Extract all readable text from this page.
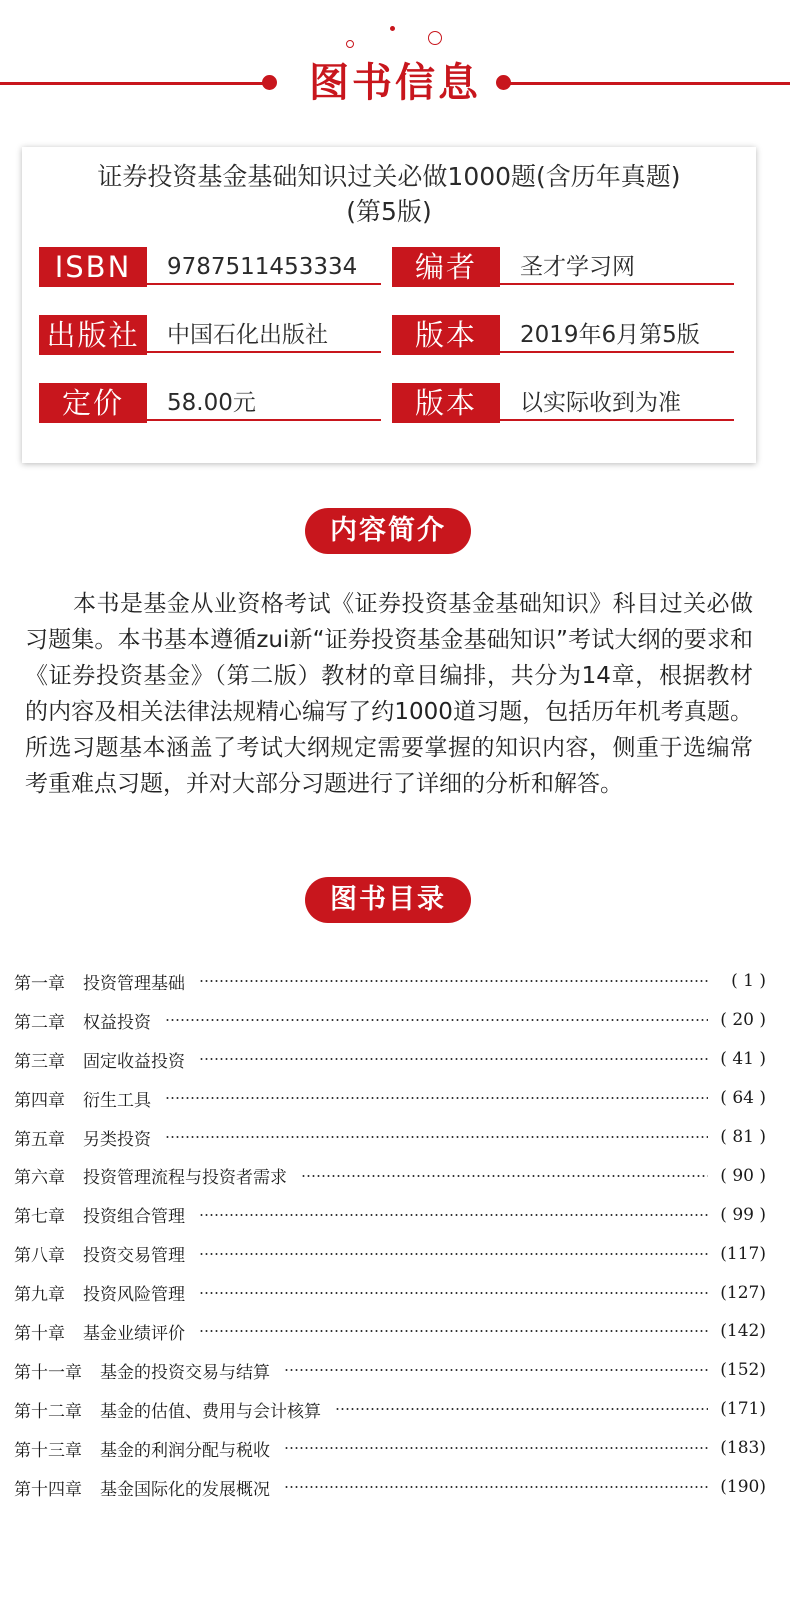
图书信息
证券投资基金基础知识过关必做1000题(含历年真题)
(第5版)
ISBN	9787511453334	编者	圣才学习网
出版社	中国石化出版社	版本	2019年6月第5版
定价	58.00元	版本	以实际收到为准
内容简介

本书是基金从业资格考试《证券投资基金基础知识》科目过关必做习题集。本书基本遵循zui新“证券投资基金基础知识”考试大纲的要求和《证券投资基金》（第二版）教材的章目编排，共分为14章，根据教材的内容及相关法律法规精心编写了约1000道习题，包括历年机考真题。所选习题基本涵盖了考试大纲规定需要掌握的知识内容，侧重于选编常考重难点习题，并对大部分习题进行了详细的分析和解答。

图书目录
第一章 投资管理基础	( 1 )
第二章 权益投资	( 20 )
第三章 固定收益投资	( 41 )
第四章 衍生工具	( 64 )
第五章 另类投资	( 81 )
第六章 投资管理流程与投资者需求	( 90 )
第七章 投资组合管理	( 99 )
第八章 投资交易管理	(117)
第九章 投资风险管理	(127)
第十章 基金业绩评价	(142)
第十一章 基金的投资交易与结算	(152)
第十二章 基金的估值、费用与会计核算	(171)
第十三章 基金的利润分配与税收	(183)
第十四章 基金国际化的发展概况	(190)
